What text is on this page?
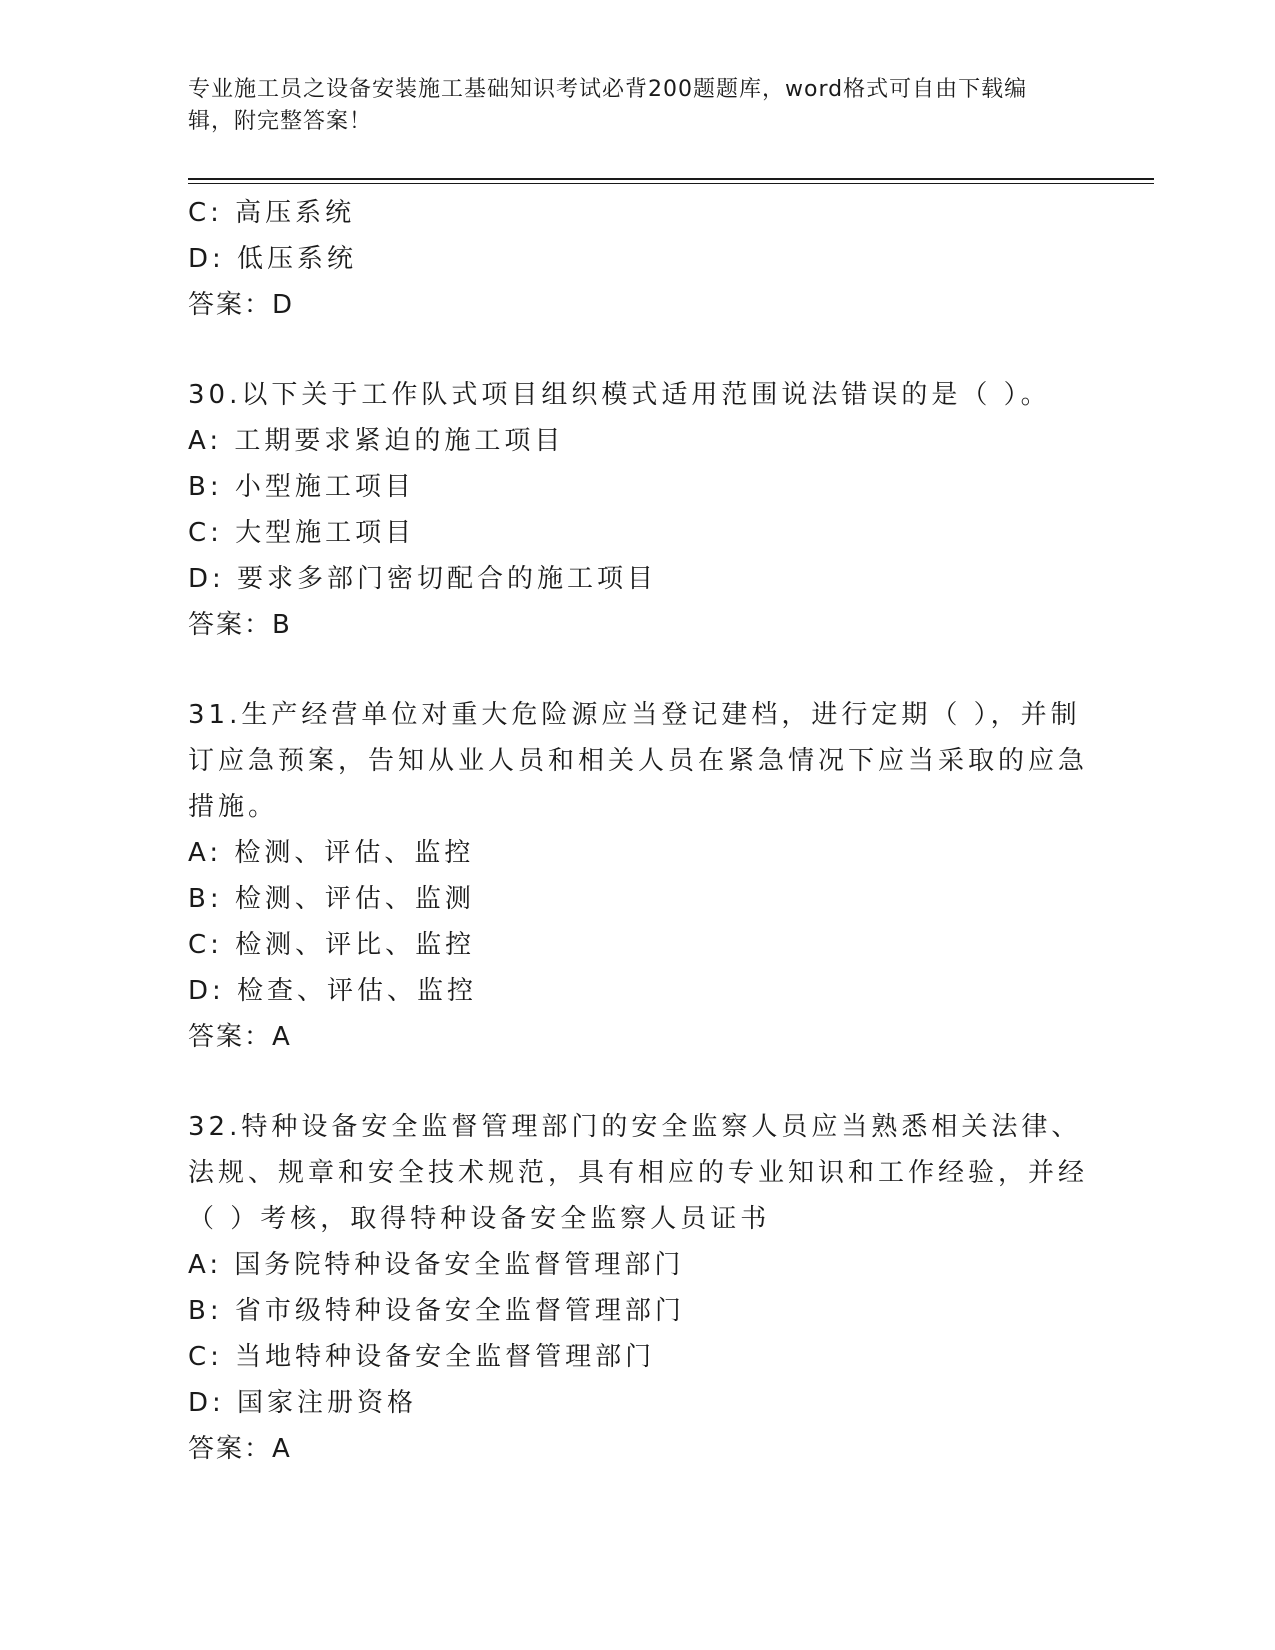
专业施工员之设备安装施工基础知识考试必背200题题库，word格式可自由下载编辑，附完整答案！
C: 高压系统
D: 低压系统
答案：D
30.以下关于工作队式项目组织模式适用范围说法错误的是（ ）。
A: 工期要求紧迫的施工项目
B: 小型施工项目
C: 大型施工项目
D: 要求多部门密切配合的施工项目
答案：B
31.生产经营单位对重大危险源应当登记建档，进行定期（ ），并制订应急预案，告知从业人员和相关人员在紧急情况下应当采取的应急措施。
A: 检测、评估、监控
B: 检测、评估、监测
C: 检测、评比、监控
D: 检查、评估、监控
答案：A
32.特种设备安全监督管理部门的安全监察人员应当熟悉相关法律、法规、规章和安全技术规范，具有相应的专业知识和工作经验，并经（ ）考核，取得特种设备安全监察人员证书
A: 国务院特种设备安全监督管理部门
B: 省市级特种设备安全监督管理部门
C: 当地特种设备安全监督管理部门
D: 国家注册资格
答案：A
